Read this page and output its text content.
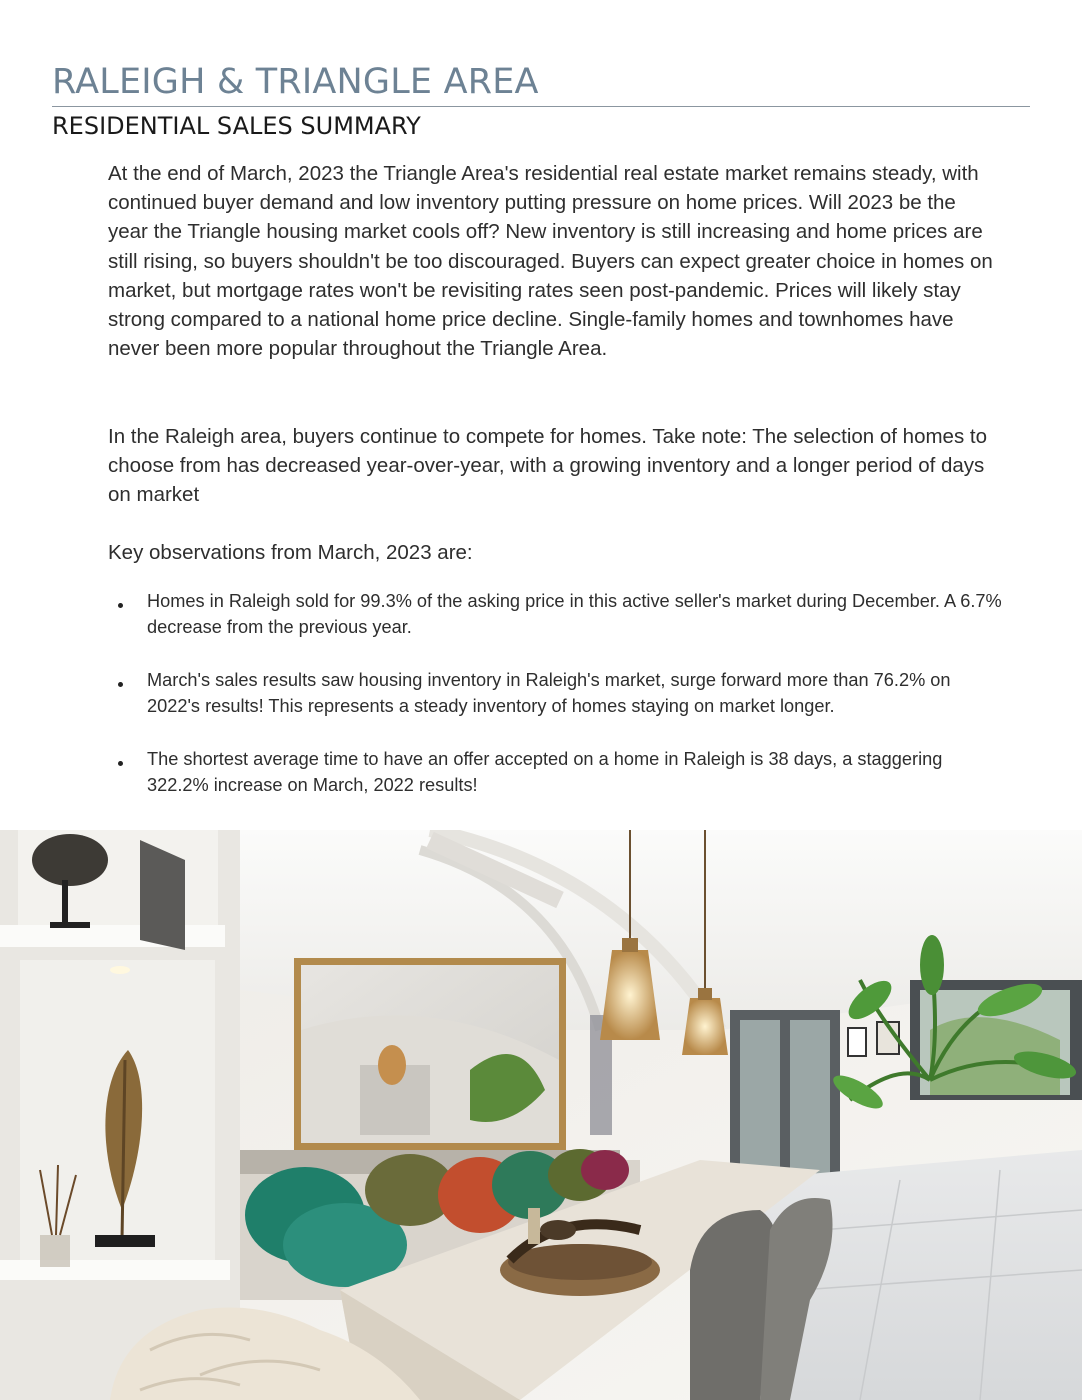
RALEIGH & TRIANGLE AREA
RESIDENTIAL SALES SUMMARY

At the end of March, 2023 the Triangle Area's residential real estate market remains steady, with continued buyer demand and low inventory putting pressure on home prices. Will 2023 be the year the Triangle housing market cools off? New inventory is still increasing and home prices are still rising, so buyers shouldn't be too discouraged. Buyers can expect greater choice in homes on market, but mortgage rates won't be revisiting rates seen post-pandemic. Prices will likely stay strong compared to a national home price decline. Single-family homes and townhomes have never been more popular throughout the Triangle Area.

In the Raleigh area, buyers continue to compete for homes. Take note: The selection of homes to choose from has decreased year-over-year, with a growing inventory and a longer period of days on market

Key observations from March, 2023 are:

Homes in Raleigh sold for 99.3% of the asking price in this active seller's market during December. A 6.7% decrease from the previous year.
March's sales results saw housing inventory in Raleigh's market, surge forward more than 76.2% on 2022's results! This represents a steady inventory of homes staying on market longer.
The shortest average time to have an offer accepted on a home in Raleigh is 38 days, a staggering 322.2% increase on March, 2022 results!
